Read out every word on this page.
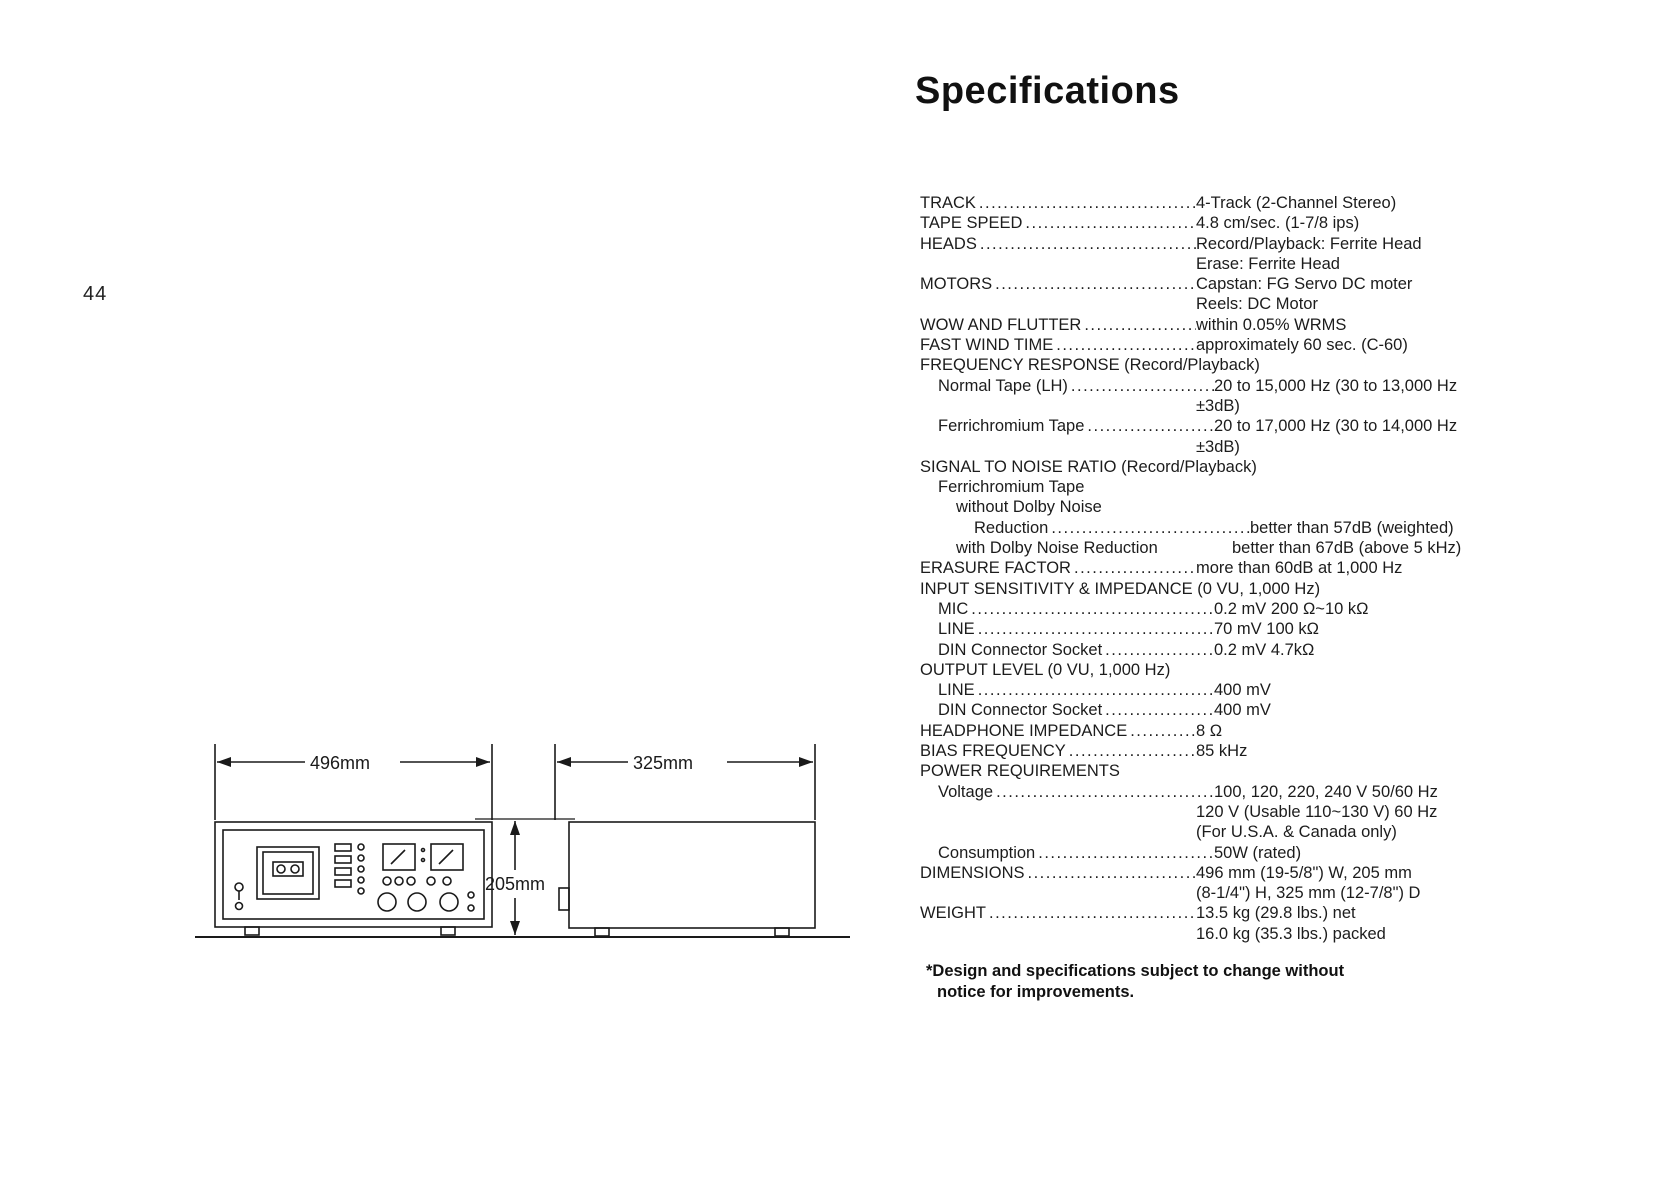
44
Specifications
TRACK .....	4-Track (2-Channel Stereo)
TAPE SPEED .....	4.8 cm/sec. (1-7/8 ips)
HEADS .....	Record/Playback: Ferrite Head
Erase: Ferrite Head
MOTORS .....	Capstan: FG Servo DC moter
Reels: DC Motor
WOW AND FLUTTER .....	within 0.05% WRMS
FAST WIND TIME .....	approximately 60 sec. (C-60)
FREQUENCY RESPONSE (Record/Playback)
Normal Tape (LH) .....	20 to 15,000 Hz (30 to 13,000 Hz
±3dB)
Ferrichromium Tape .....	20 to 17,000 Hz (30 to 14,000 Hz
±3dB)
SIGNAL TO NOISE RATIO (Record/Playback)
Ferrichromium Tape
without Dolby Noise
Reduction .....	better than 57dB (weighted)
with Dolby Noise Reduction	better than 67dB (above 5 kHz)
ERASURE FACTOR .....	more than 60dB at 1,000 Hz
INPUT SENSITIVITY & IMPEDANCE (0 VU, 1,000 Hz)
MIC .....	0.2 mV 200 Ω~10 kΩ
LINE .....	70 mV 100 kΩ
DIN Connector Socket .....	0.2 mV 4.7kΩ
OUTPUT LEVEL (0 VU, 1,000 Hz)
LINE .....	400 mV
DIN Connector Socket .....	400 mV
HEADPHONE IMPEDANCE .....	8 Ω
BIAS FREQUENCY .....	85 kHz
POWER REQUIREMENTS
Voltage .....	100, 120, 220, 240 V 50/60 Hz
120 V (Usable 110~130 V) 60 Hz
(For U.S.A. & Canada only)
Consumption .....	50W (rated)
DIMENSIONS .....	496 mm (19-5/8") W, 205 mm
(8-1/4") H, 325 mm (12-7/8") D
WEIGHT .....	13.5 kg (29.8 lbs.) net
16.0 kg (35.3 lbs.) packed
*Design and specifications subject to change without
notice for improvements.
496mm	325mm
205mm
